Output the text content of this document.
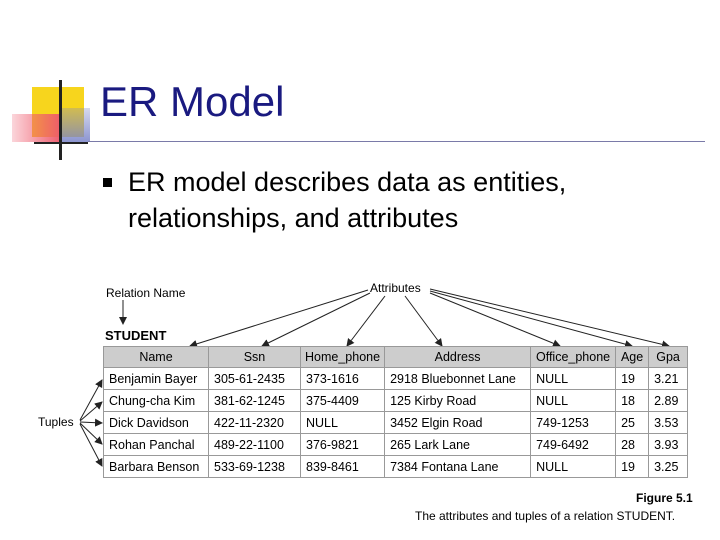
ER Model
ER model describes data as entities, relationships, and attributes
Relation Name
STUDENT
Attributes
Tuples
Name	Ssn	Home_phone	Address	Office_phone	Age	Gpa
Benjamin Bayer	305-61-2435	373-1616	2918 Bluebonnet Lane	NULL	19	3.21
Chung-cha Kim	381-62-1245	375-4409	125 Kirby Road	NULL	18	2.89
Dick Davidson	422-11-2320	NULL	3452 Elgin Road	749-1253	25	3.53
Rohan Panchal	489-22-1100	376-9821	265 Lark Lane	749-6492	28	3.93
Barbara Benson	533-69-1238	839-8461	7384 Fontana Lane	NULL	19	3.25
Figure 5.1
The attributes and tuples of a relation STUDENT.
